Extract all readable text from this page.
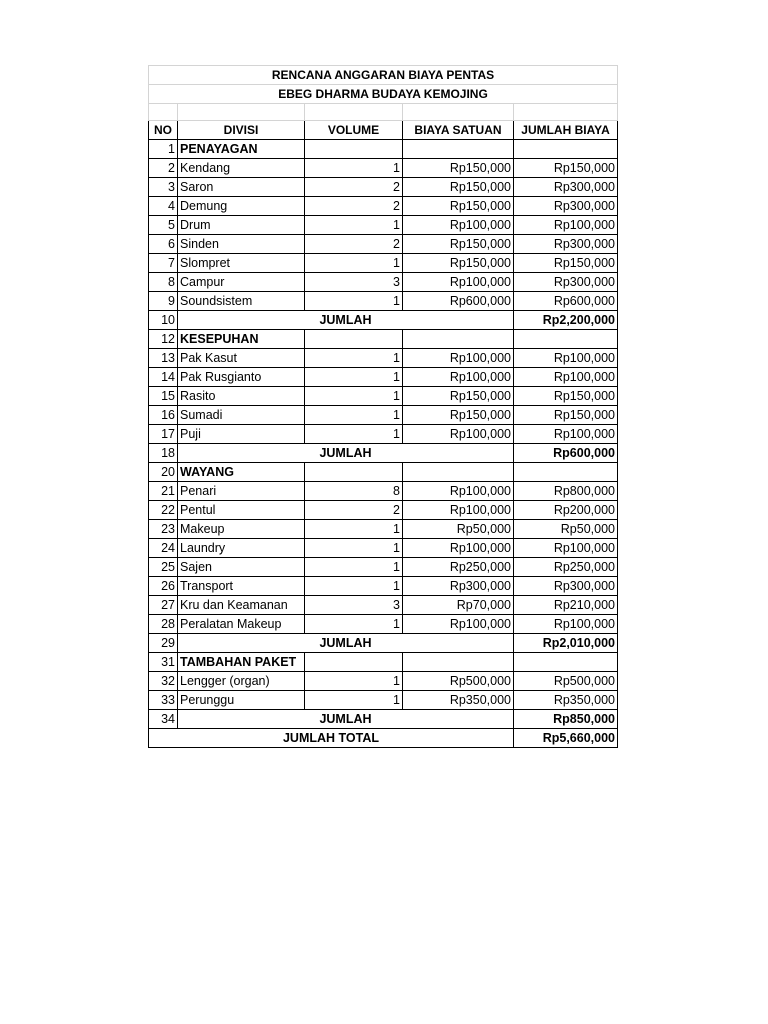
RENCANA ANGGARAN BIAYA PENTAS				
EBEG DHARMA BUDAYA KEMOJING				

NO	DIVISI	VOLUME	BIAYA SATUAN	JUMLAH BIAYA
1	PENAYAGAN			
2	Kendang	1	Rp150,000	Rp150,000
3	Saron	2	Rp150,000	Rp300,000
4	Demung	2	Rp150,000	Rp300,000
5	Drum	1	Rp100,000	Rp100,000
6	Sinden	2	Rp150,000	Rp300,000
7	Slompret	1	Rp150,000	Rp150,000
8	Campur	3	Rp100,000	Rp300,000
9	Soundsistem	1	Rp600,000	Rp600,000
10	JUMLAH			Rp2,200,000
12	KESEPUHAN			
13	Pak Kasut	1	Rp100,000	Rp100,000
14	Pak Rusgianto	1	Rp100,000	Rp100,000
15	Rasito	1	Rp150,000	Rp150,000
16	Sumadi	1	Rp150,000	Rp150,000
17	Puji	1	Rp100,000	Rp100,000
18	JUMLAH			Rp600,000
20	WAYANG			
21	Penari	8	Rp100,000	Rp800,000
22	Pentul	2	Rp100,000	Rp200,000
23	Makeup	1	Rp50,000	Rp50,000
24	Laundry	1	Rp100,000	Rp100,000
25	Sajen	1	Rp250,000	Rp250,000
26	Transport	1	Rp300,000	Rp300,000
27	Kru dan Keamanan	3	Rp70,000	Rp210,000
28	Peralatan Makeup	1	Rp100,000	Rp100,000
29	JUMLAH			Rp2,010,000
31	TAMBAHAN PAKET			
32	Lengger (organ)	1	Rp500,000	Rp500,000
33	Perunggu	1	Rp350,000	Rp350,000
34	JUMLAH			Rp850,000
JUMLAH TOTAL				Rp5,660,000
